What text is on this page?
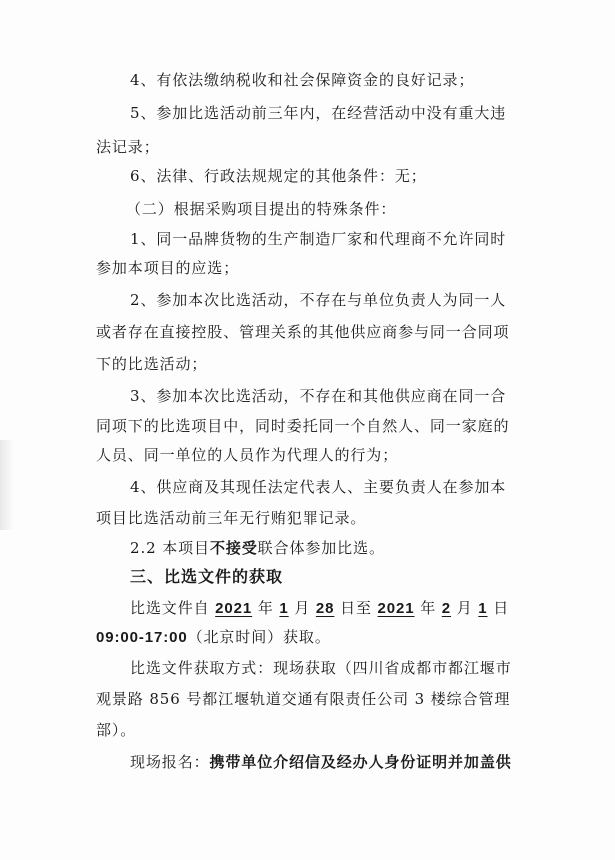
4、有依法缴纳税收和社会保障资金的良好记录；
5、参加比选活动前三年内，在经营活动中没有重大违
法记录；
6、法律、行政法规规定的其他条件：无；
（二）根据采购项目提出的特殊条件：
1、同一品牌货物的生产制造厂家和代理商不允许同时
参加本项目的应选；
2、参加本次比选活动，不存在与单位负责人为同一人
或者存在直接控股、管理关系的其他供应商参与同一合同项
下的比选活动；
3、参加本次比选活动，不存在和其他供应商在同一合
同项下的比选项目中，同时委托同一个自然人、同一家庭的
人员、同一单位的人员作为代理人的行为；
4、供应商及其现任法定代表人、主要负责人在参加本
项目比选活动前三年无行贿犯罪记录。
2.2 本项目不接受联合体参加比选。
三、比选文件的获取
比选文件自 2021 年 1 月 28 日至 2021 年 2 月 1 日
09:00-17:00（北京时间）获取。
比选文件获取方式：现场获取（四川省成都市都江堰市
观景路 856 号都江堰轨道交通有限责任公司 3 楼综合管理
部）。
现场报名：携带单位介绍信及经办人身份证明并加盖供
